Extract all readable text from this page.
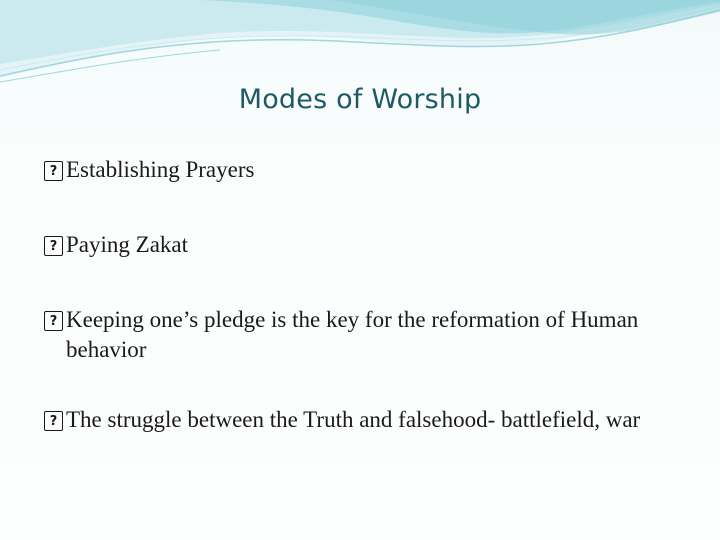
Modes of Worship
? Establishing Prayers
? Paying Zakat
? Keeping one’s pledge is the key for the reformation of Human behavior
? The struggle between the Truth and falsehood- battlefield, war
